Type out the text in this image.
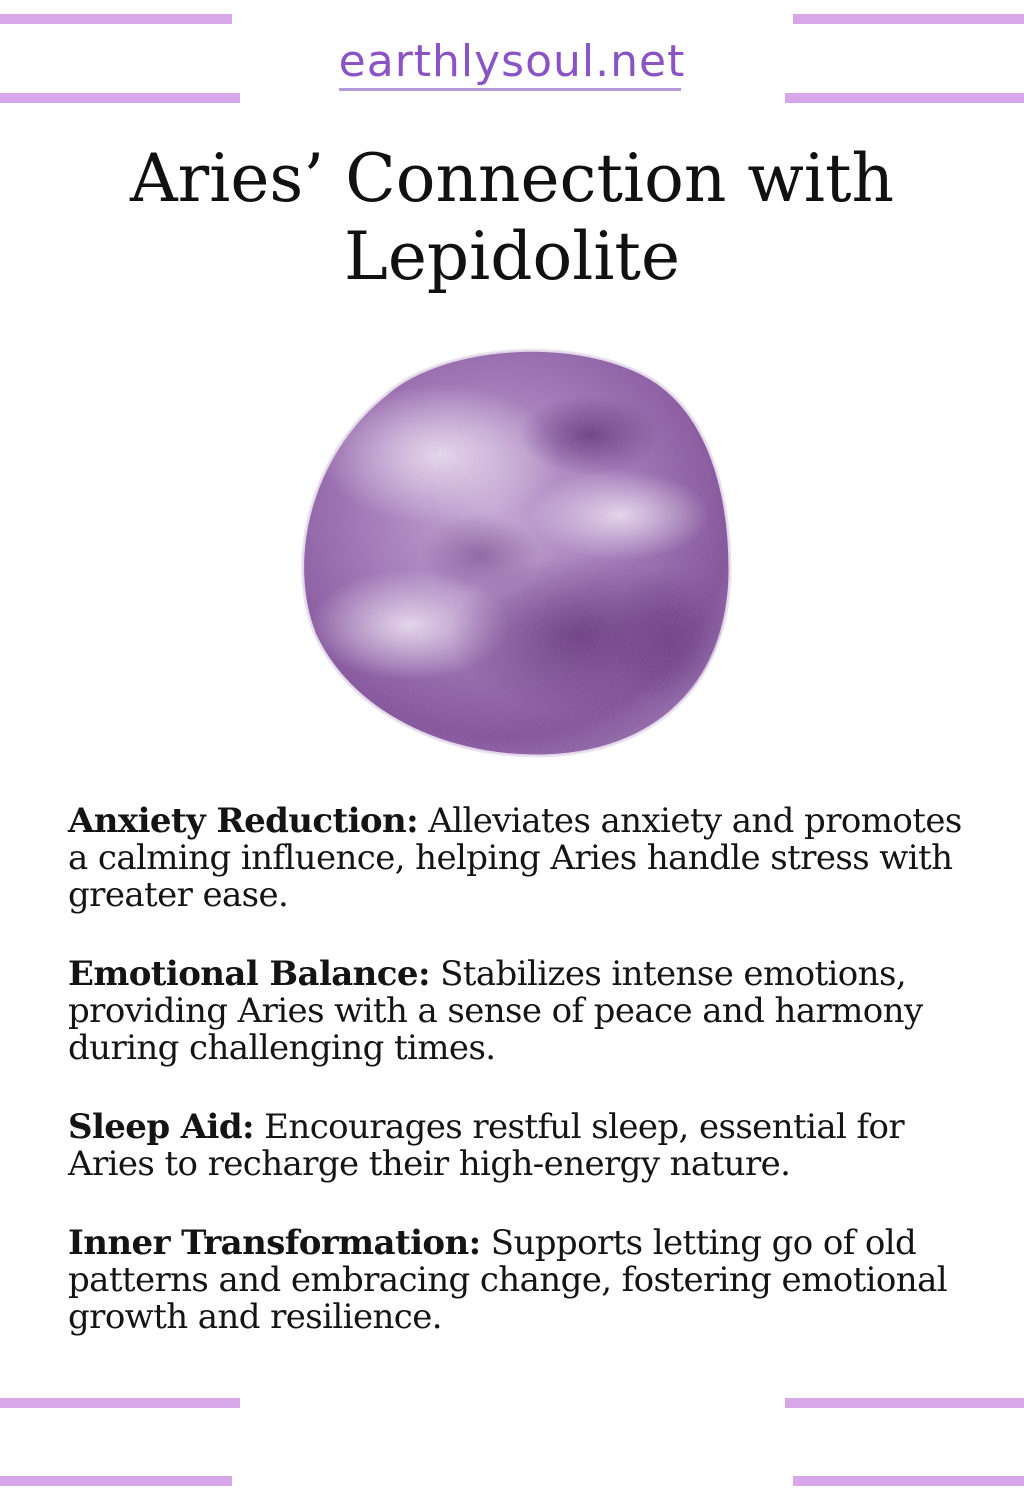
earthlysoul.net
Aries’ Connection with
Lepidolite

Anxiety Reduction: Alleviates anxiety and promotes a calming influence, helping Aries handle stress with greater ease.

Emotional Balance: Stabilizes intense emotions, providing Aries with a sense of peace and harmony during challenging times.

Sleep Aid: Encourages restful sleep, essential for Aries to recharge their high-energy nature.

Inner Transformation: Supports letting go of old patterns and embracing change, fostering emotional growth and resilience.
